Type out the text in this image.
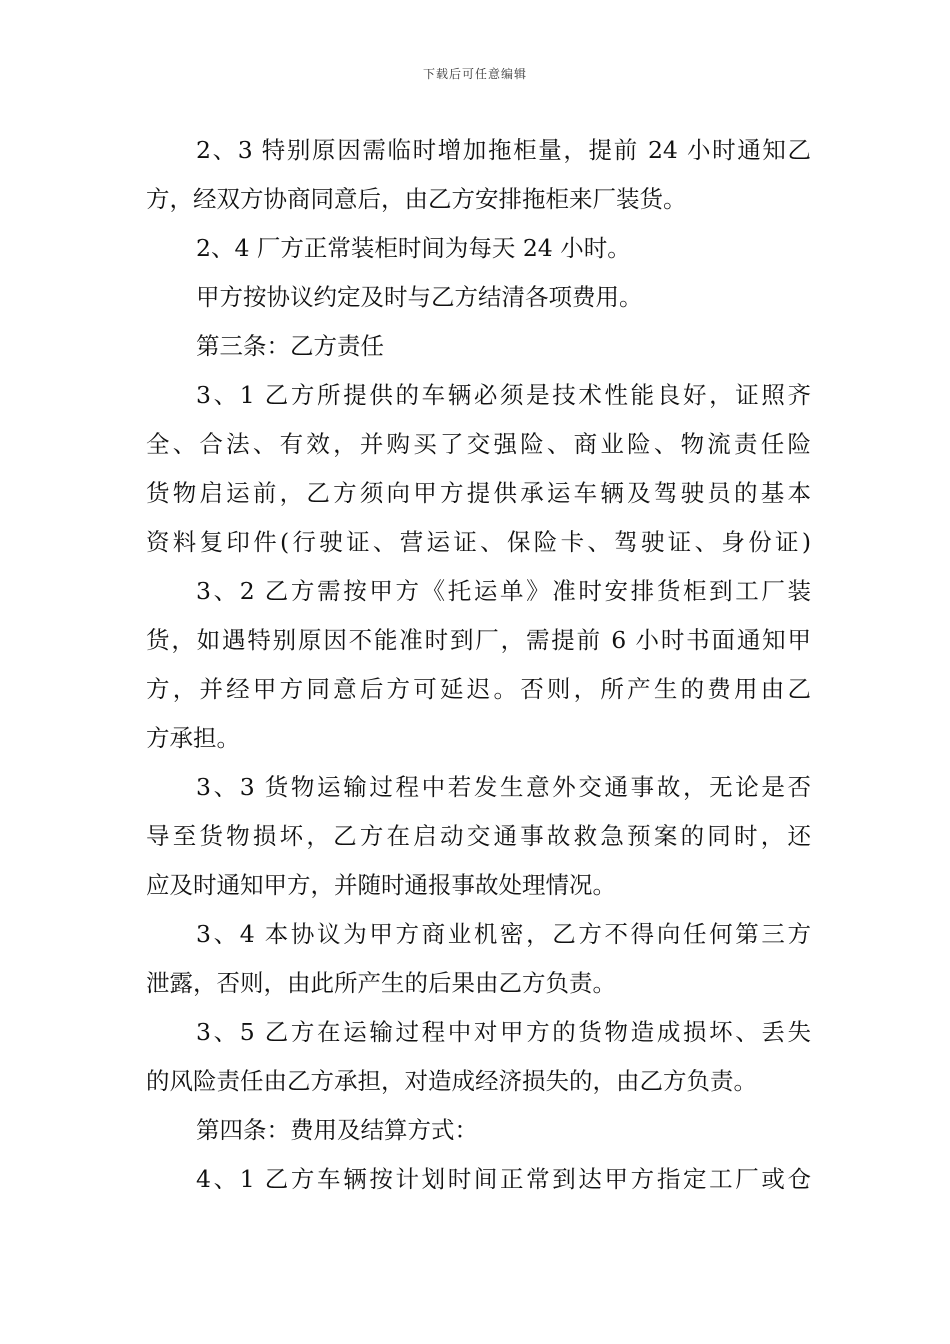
下载后可任意编辑
2、3 特别原因需临时增加拖柜量，提前 24 小时通知乙
方，经双方协商同意后，由乙方安排拖柜来厂装货。
2、4 厂方正常装柜时间为每天 24 小时。
甲方按协议约定及时与乙方结清各项费用。
第三条：乙方责任
3、1 乙方所提供的车辆必须是技术性能良好，证照齐
全、合法、有效，并购买了交强险、商业险、物流责任险
货物启运前，乙方须向甲方提供承运车辆及驾驶员的基本
资料复印件(行驶证、营运证、保险卡、驾驶证、身份证)
3、2 乙方需按甲方《托运单》准时安排货柜到工厂装
货，如遇特别原因不能准时到厂，需提前 6 小时书面通知甲
方，并经甲方同意后方可延迟。否则，所产生的费用由乙
方承担。
3、3 货物运输过程中若发生意外交通事故，无论是否
导至货物损坏，乙方在启动交通事故救急预案的同时，还
应及时通知甲方，并随时通报事故处理情况。
3、4 本协议为甲方商业机密，乙方不得向任何第三方
泄露，否则，由此所产生的后果由乙方负责。
3、5 乙方在运输过程中对甲方的货物造成损坏、丢失
的风险责任由乙方承担，对造成经济损失的，由乙方负责。
第四条：费用及结算方式：
4、1 乙方车辆按计划时间正常到达甲方指定工厂或仓
